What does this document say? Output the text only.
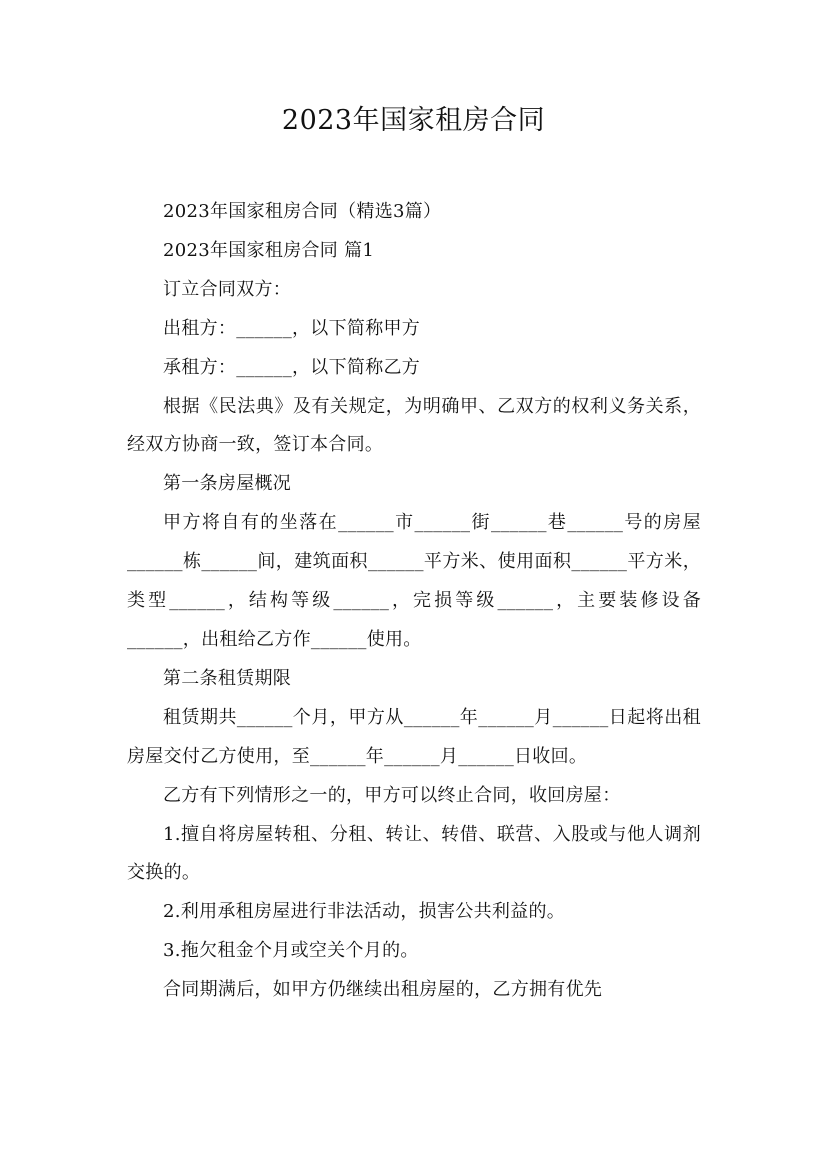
2023年国家租房合同

2023年国家租房合同（精选3篇）

2023年国家租房合同 篇1

订立合同双方：

出租方：______，以下简称甲方

承租方：______，以下简称乙方

根据《民法典》及有关规定，为明确甲、乙双方的权利义务关系，经双方协商一致，签订本合同。

第一条房屋概况

甲方将自有的坐落在______市______街______巷______号的房屋______栋______间，建筑面积______平方米、使用面积______平方米，类型______，结构等级______，完损等级______，主要装修设备______，出租给乙方作______使用。

第二条租赁期限

租赁期共______个月，甲方从______年______月______日起将出租房屋交付乙方使用，至______年______月______日收回。

乙方有下列情形之一的，甲方可以终止合同，收回房屋：

1.擅自将房屋转租、分租、转让、转借、联营、入股或与他人调剂交换的。

2.利用承租房屋进行非法活动，损害公共利益的。

3.拖欠租金个月或空关个月的。

合同期满后，如甲方仍继续出租房屋的，乙方拥有优先
